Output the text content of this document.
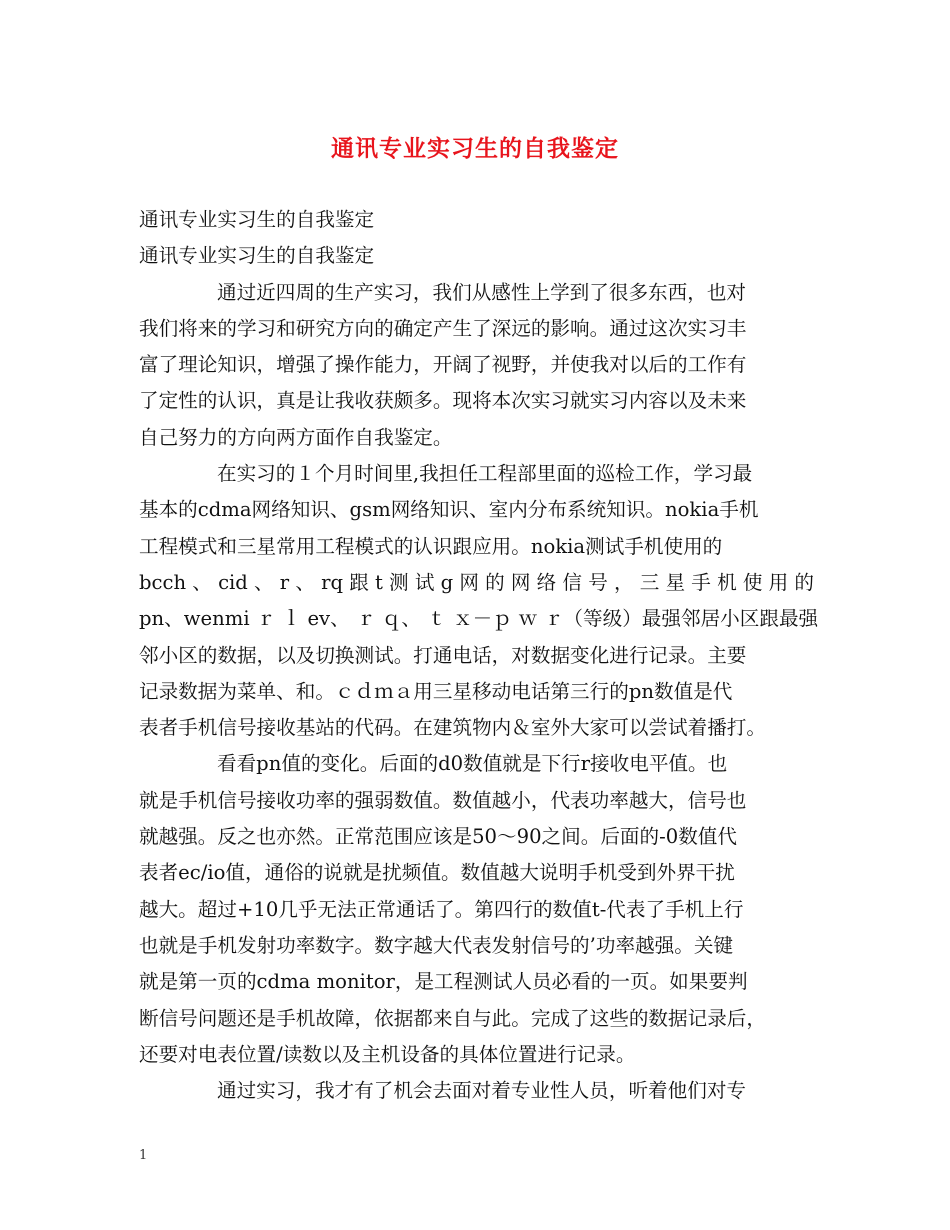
通讯专业实习生的自我鉴定

通讯专业实习生的自我鉴定

通讯专业实习生的自我鉴定

通过近四周的生产实习，我们从感性上学到了很多东西，也对

我们将来的学习和研究方向的确定产生了深远的影响。通过这次实习丰

富了理论知识，增强了操作能力，开阔了视野，并使我对以后的工作有

了定性的认识，真是让我收获颇多。现将本次实习就实习内容以及未来

自己努力的方向两方面作自我鉴定。

在实习的１个月时间里,我担任工程部里面的巡检工作，学习最

基本的cdma网络知识、gsm网络知识、室内分布系统知识。nokia手机

工程模式和三星常用工程模式的认识跟应用。nokia测试手机使用的

bcch、cid、r、rq跟t测试g网的网络信号，三星手机使用的

pn、wenmi ｒ ｌ ev、 ｒ ｑ、 ｔ ｘ－ｐ ｗ ｒ（等级）最强邻居小区跟最强

邻小区的数据，以及切换测试。打通电话，对数据变化进行记录。主要

记录数据为菜单、和。ｃｄｍａ用三星移动电话第三行的pn数值是代

表者手机信号接收基站的代码。在建筑物内＆室外大家可以尝试着播打。

看看pn值的变化。后面的d0数值就是下行r接收电平值。也

就是手机信号接收功率的强弱数值。数值越小，代表功率越大，信号也

就越强。反之也亦然。正常范围应该是50～90之间。后面的-0数值代

表者ec/io值，通俗的说就是扰频值。数值越大说明手机受到外界干扰

越大。超过+10几乎无法正常通话了。第四行的数值t-代表了手机上行

也就是手机发射功率数字。数字越大代表发射信号的’功率越强。关键

就是第一页的cdma monitor，是工程测试人员必看的一页。如果要判

断信号问题还是手机故障，依据都来自与此。完成了这些的数据记录后，

还要对电表位置/读数以及主机设备的具体位置进行记录。

通过实习，我才有了机会去面对着专业性人员，听着他们对专

1
